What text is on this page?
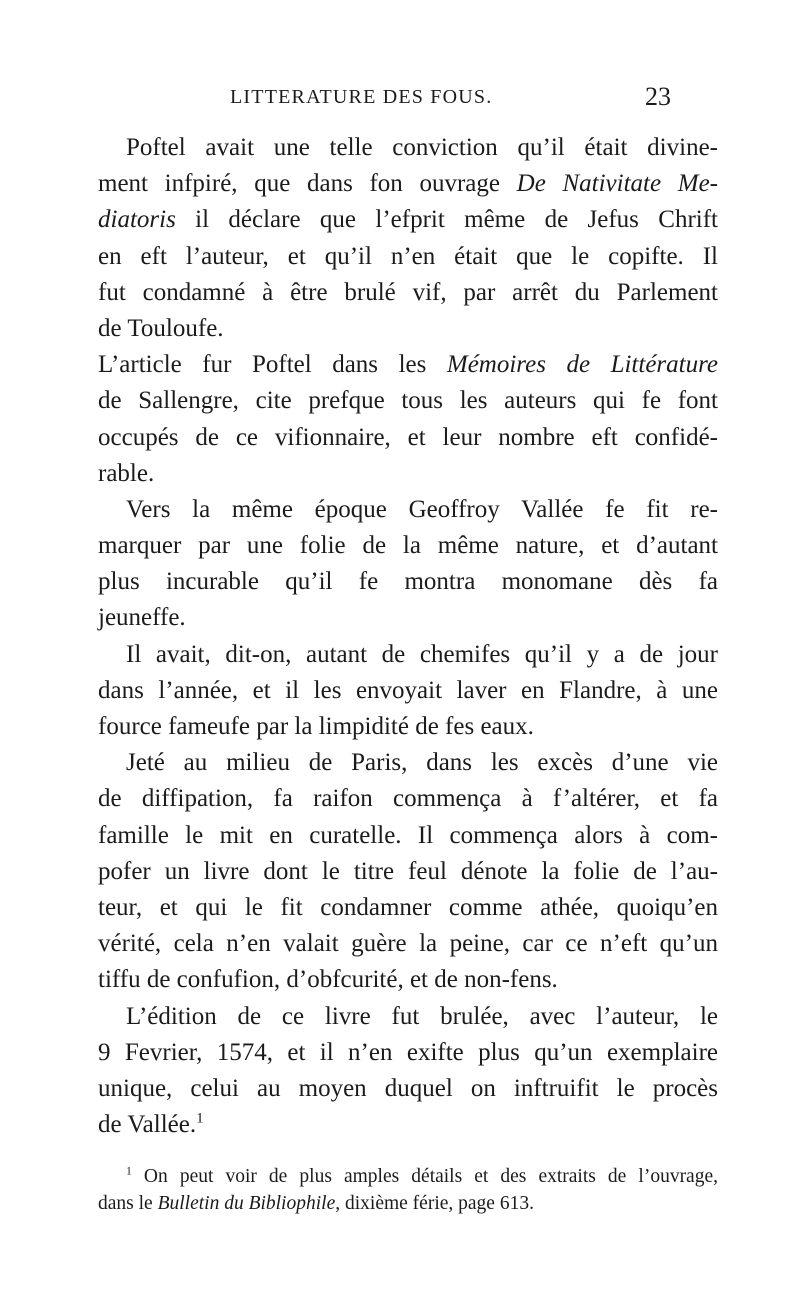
LITTERATURE DES FOUS.	23
Poftel avait une telle conviction qu’il était divine-
ment infpiré, que dans fon ouvrage De Nativitate Me-
diatoris il déclare que l’efprit même de Jefus Chrift
en eft l’auteur, et qu’il n’en était que le copifte. Il
fut condamné à être brulé vif, par arrêt du Parlement
de Touloufe.
L’article fur Poftel dans les Mémoires de Littérature
de Sallengre, cite prefque tous les auteurs qui fe font
occupés de ce vifionnaire, et leur nombre eft confidé-
rable.
Vers la même époque Geoffroy Vallée fe fit re-
marquer par une folie de la même nature, et d’autant
plus incurable qu’il fe montra monomane dès fa
jeuneffe.
Il avait, dit-on, autant de chemifes qu’il y a de jour
dans l’année, et il les envoyait laver en Flandre, à une
fource fameufe par la limpidité de fes eaux.
Jeté au milieu de Paris, dans les excès d’une vie
de diffipation, fa raifon commença à f’altérer, et fa
famille le mit en curatelle. Il commença alors à com-
pofer un livre dont le titre feul dénote la folie de l’au-
teur, et qui le fit condamner comme athée, quoiqu’en
vérité, cela n’en valait guère la peine, car ce n’eft qu’un
tiffu de confufion, d’obfcurité, et de non-fens.
L’édition de ce livre fut brulée, avec l’auteur, le
9 Fevrier, 1574, et il n’en exifte plus qu’un exemplaire
unique, celui au moyen duquel on inftruifit le procès
de Vallée.$^1$
$^1$ On peut voir de plus amples détails et des extraits de l’ouvrage,
dans le Bulletin du Bibliophile, dixième férie, page 613.
